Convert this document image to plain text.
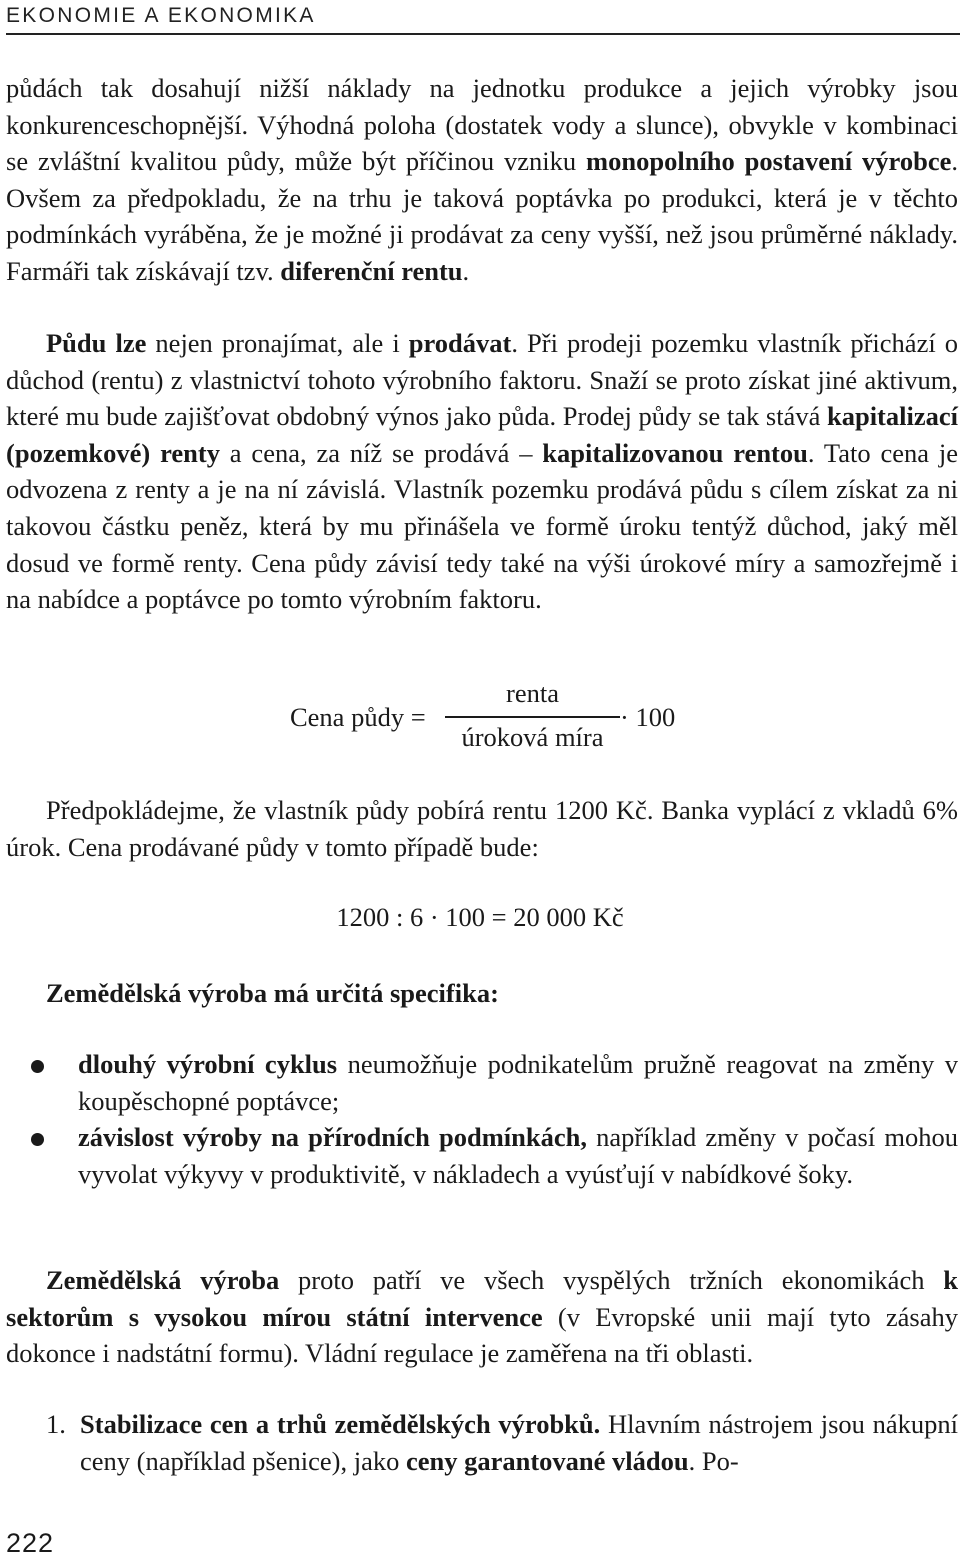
EKONOMIE A EKONOMIKA

půdách tak dosahují nižší náklady na jednotku produkce a jejich výrobky jsou konkurenceschopnější. Výhodná poloha (dostatek vody a slunce), obvykle v kombinaci se zvláštní kvalitou půdy, může být příčinou vzniku monopolního postavení výrobce. Ovšem za předpokladu, že na trhu je taková poptávka po produkci, která je v těchto podmínkách vyráběna, že je možné ji prodávat za ceny vyšší, než jsou průměrné náklady. Farmáři tak získávají tzv. diferenční rentu.

Půdu lze nejen pronajímat, ale i prodávat. Při prodeji pozemku vlastník přichází o důchod (rentu) z vlastnictví tohoto výrobního faktoru. Snaží se proto získat jiné aktivum, které mu bude zajišťovat obdobný výnos jako půda. Prodej půdy se tak stává kapitalizací (pozemkové) renty a cena, za níž se prodává – kapitalizovanou rentou. Tato cena je odvozena z renty a je na ní závislá. Vlastník pozemku prodává půdu s cílem získat za ni takovou částku peněz, která by mu přinášela ve formě úroku tentýž důchod, jaký měl dosud ve formě renty. Cena půdy závisí tedy také na výši úrokové míry a samozřejmě i na nabídce a poptávce po tomto výrobním faktoru.

Cena půdy =
renta
úroková míra
· 100

Předpokládejme, že vlastník půdy pobírá rentu 1200 Kč. Banka vyplácí z vkladů 6% úrok. Cena prodávané půdy v tomto případě bude:

1200 : 6 · 100 = 20 000 Kč

Zemědělská výroba má určitá specifika:

dlouhý výrobní cyklus neumožňuje podnikatelům pružně reagovat na změny v koupěschopné poptávce;
závislost výroby na přírodních podmínkách, například změny v počasí mohou vyvolat výkyvy v produktivitě, v nákladech a vyúsťují v nabídkové šoky.

Zemědělská výroba proto patří ve všech vyspělých tržních ekonomikách k sektorům s vysokou mírou státní intervence (v Evropské unii mají tyto zásahy dokonce i nadstátní formu). Vládní regulace je zaměřena na tři oblasti.

1. Stabilizace cen a trhů zemědělských výrobků. Hlavním nástrojem jsou nákupní ceny (například pšenice), jako ceny garantované vládou. Po-
222
